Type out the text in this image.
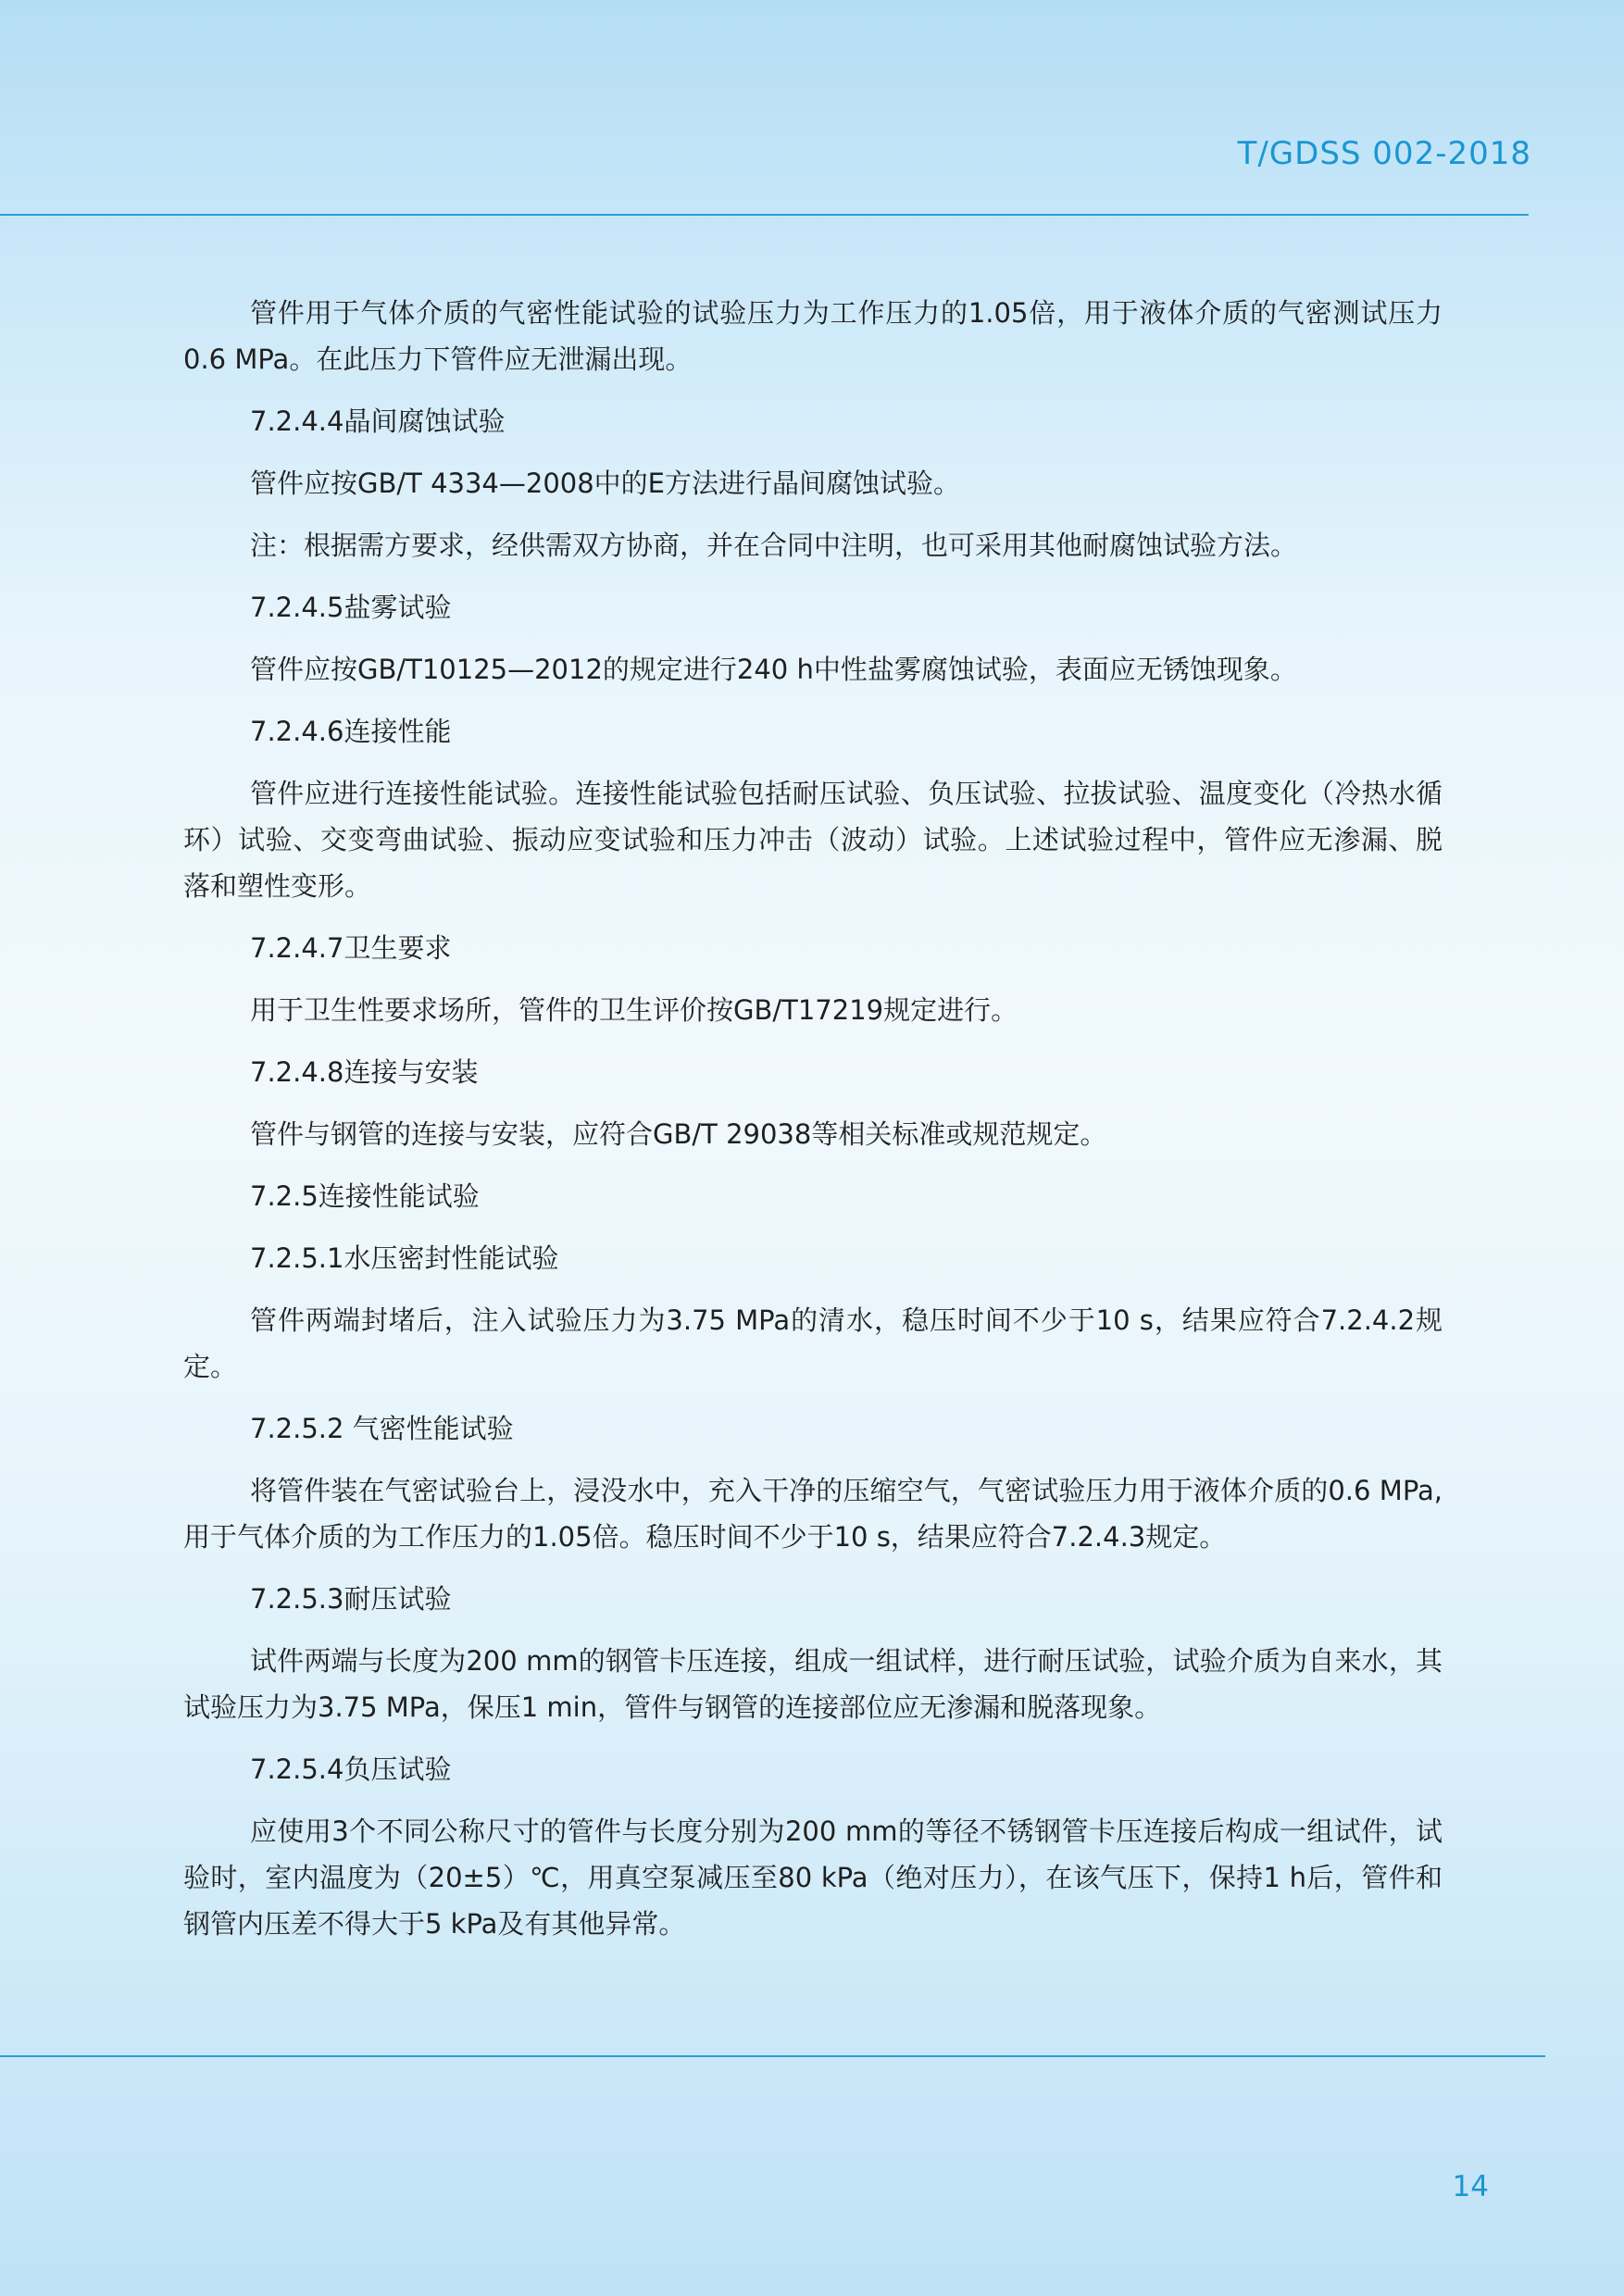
T/GDSS 002-2018

管件用于气体介质的气密性能试验的试验压力为工作压力的1.05倍，用于液体介质的气密测试压力0.6 MPa。在此压力下管件应无泄漏出现。

7.2.4.4晶间腐蚀试验

管件应按GB/T 4334—2008中的E方法进行晶间腐蚀试验。

注：根据需方要求，经供需双方协商，并在合同中注明，也可采用其他耐腐蚀试验方法。

7.2.4.5盐雾试验

管件应按GB/T10125—2012的规定进行240 h中性盐雾腐蚀试验，表面应无锈蚀现象。

7.2.4.6连接性能

管件应进行连接性能试验。连接性能试验包括耐压试验、负压试验、拉拔试验、温度变化（冷热水循环）试验、交变弯曲试验、振动应变试验和压力冲击（波动）试验。上述试验过程中，管件应无渗漏、脱落和塑性变形。

7.2.4.7卫生要求

用于卫生性要求场所，管件的卫生评价按GB/T17219规定进行。

7.2.4.8连接与安装

管件与钢管的连接与安装，应符合GB/T 29038等相关标准或规范规定。

7.2.5连接性能试验
7.2.5.1水压密封性能试验

管件两端封堵后，注入试验压力为3.75 MPa的清水，稳压时间不少于10 s，结果应符合7.2.4.2规定。

7.2.5.2 气密性能试验

将管件装在气密试验台上，浸没水中，充入干净的压缩空气，气密试验压力用于液体介质的0.6 MPa,用于气体介质的为工作压力的1.05倍。稳压时间不少于10 s，结果应符合7.2.4.3规定。

7.2.5.3耐压试验

试件两端与长度为200 mm的钢管卡压连接，组成一组试样，进行耐压试验，试验介质为自来水，其试验压力为3.75 MPa，保压1 min，管件与钢管的连接部位应无渗漏和脱落现象。

7.2.5.4负压试验

应使用3个不同公称尺寸的管件与长度分别为200 mm的等径不锈钢管卡压连接后构成一组试件，试验时，室内温度为（20±5）℃，用真空泵减压至80 kPa（绝对压力），在该气压下，保持1 h后，管件和钢管内压差不得大于5 kPa及有其他异常。

14
